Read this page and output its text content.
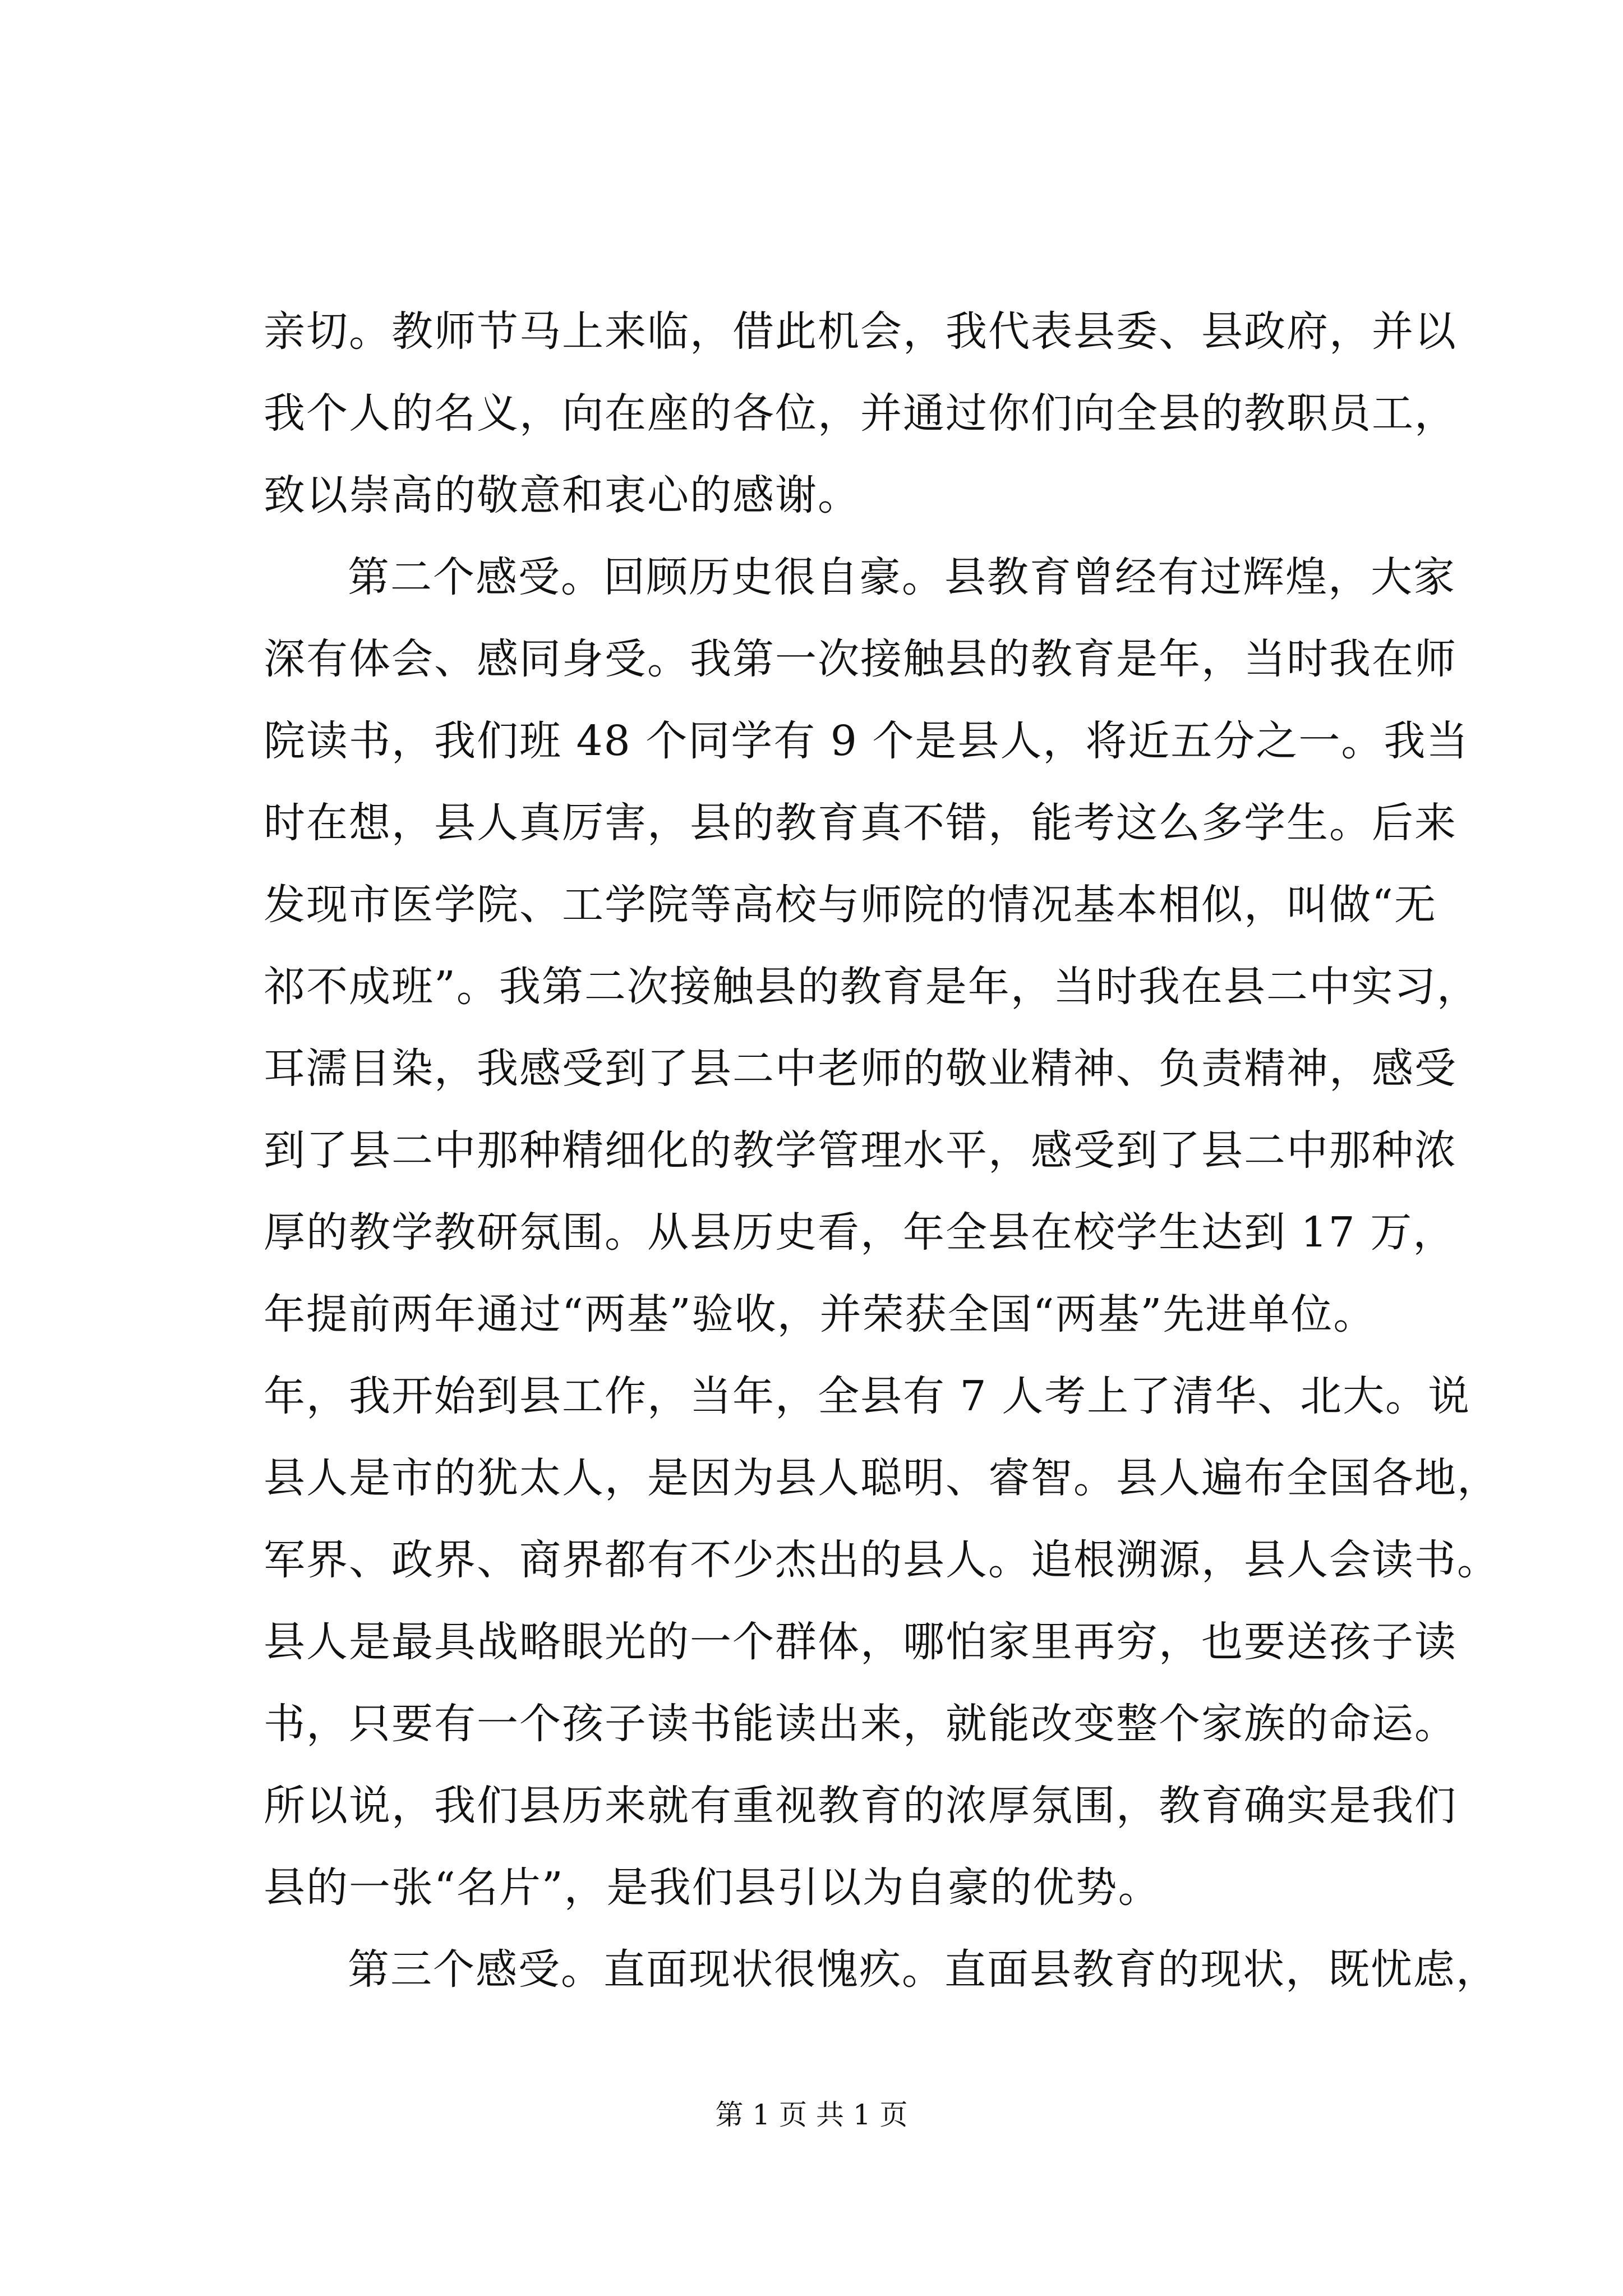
亲切。教师节马上来临，借此机会，我代表县委、县政府，并以
我个人的名义，向在座的各位，并通过你们向全县的教职员工，
致以崇高的敬意和衷心的感谢。
第二个感受。回顾历史很自豪。县教育曾经有过辉煌，大家
深有体会、感同身受。我第一次接触县的教育是年，当时我在师
院读书，我们班 48 个同学有 9 个是县人，将近五分之一。我当
时在想，县人真厉害，县的教育真不错，能考这么多学生。后来
发现市医学院、工学院等高校与师院的情况基本相似，叫做“无
祁不成班”。我第二次接触县的教育是年，当时我在县二中实习，
耳濡目染，我感受到了县二中老师的敬业精神、负责精神，感受
到了县二中那种精细化的教学管理水平，感受到了县二中那种浓
厚的教学教研氛围。从县历史看，年全县在校学生达到 17 万，
年提前两年通过“两基”验收，并荣获全国“两基”先进单位。
年，我开始到县工作，当年，全县有 7 人考上了清华、北大。说
县人是市的犹太人，是因为县人聪明、睿智。县人遍布全国各地，
军界、政界、商界都有不少杰出的县人。追根溯源，县人会读书。
县人是最具战略眼光的一个群体，哪怕家里再穷，也要送孩子读
书，只要有一个孩子读书能读出来，就能改变整个家族的命运。
所以说，我们县历来就有重视教育的浓厚氛围，教育确实是我们
县的一张“名片”，是我们县引以为自豪的优势。
第三个感受。直面现状很愧疚。直面县教育的现状，既忧虑，
第 1 页 共 1 页
